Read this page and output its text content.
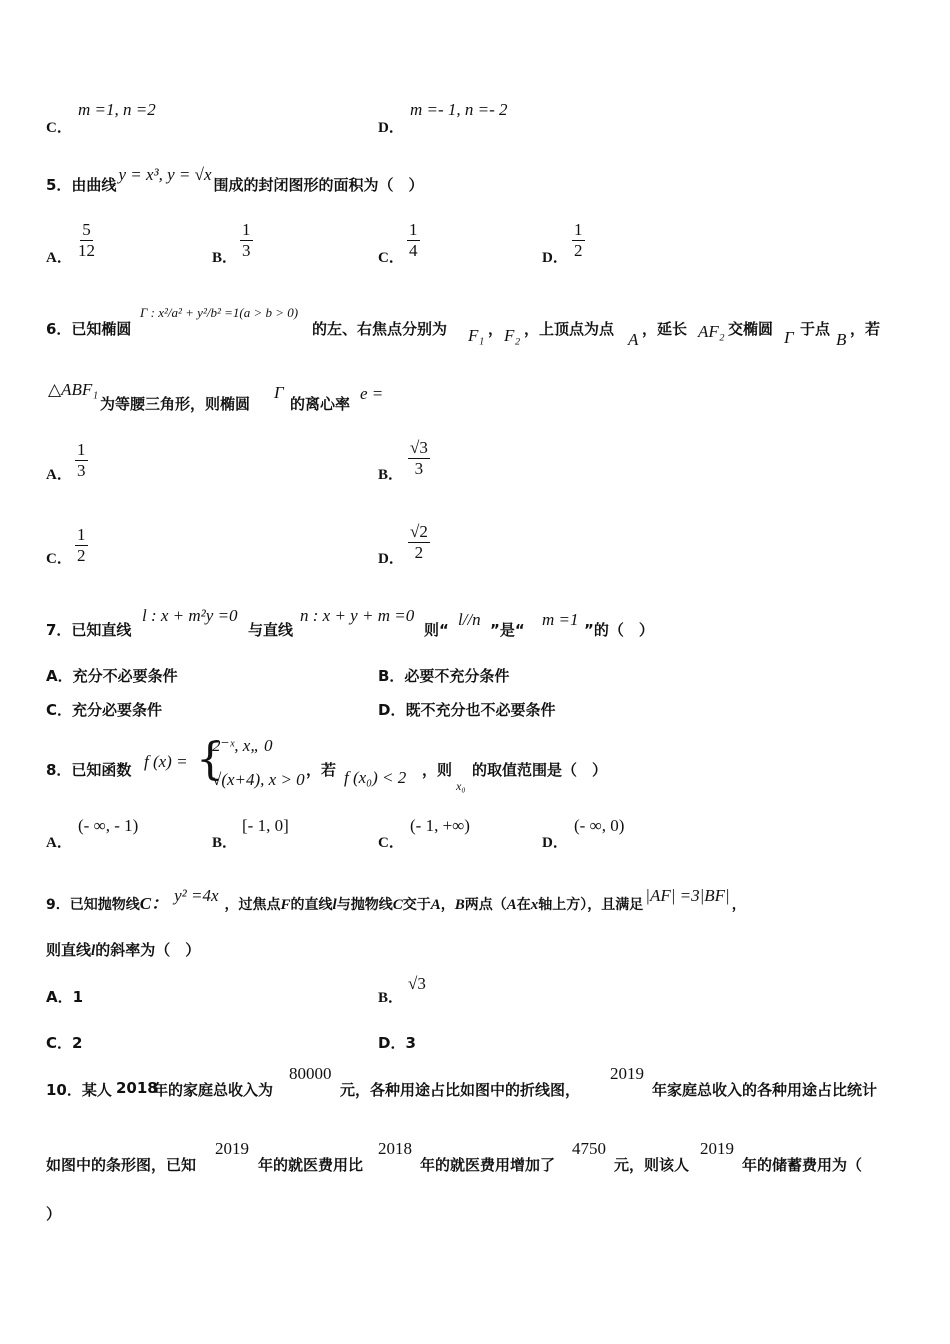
C．
m =1, n =2
D．
m =- 1, n =- 2
5．由曲线y = x³, y = √x围成的封闭图形的面积为（　）
A． $\frac{5}{12}$	B． $\frac{1}{3}$	C． $\frac{1}{4}$	D． $\frac{1}{2}$
6．已知椭圆
Γ : x²/a² + y²/b² =1(a > b > 0)
的左、右焦点分别为 F₁ ， F₂ ，上顶点为点
A
，延长 AF₂ 交椭圆 Γ 于点
B
，若
△ABF₁
为等腰三角形，则椭圆
Γ
的离心率
e =
A． $\frac{1}{3}$	B． $\frac{√3}{3}$
C． $\frac{1}{2}$	D． $\frac{√2}{2}$
7．已知直线
l : x + m²y =0
与直线
n : x + y + m =0
则“
l//n
”是“
m =1
”的（　）
A．充分不必要条件	B．必要不充分条件
C．充分必要条件	D．既不充分也不必要条件
8．已知函数 f (x) = {
2⁻ˣ, x„ 0
√(x+4), x > 0 ，若 f (x₀) < 2 ，则
x₀
的取值范围是（　）
A．
(- ∞, - 1)
B．
[- 1, 0]
C．
(- 1, +∞)
D．
(- ∞, 0)
9．已知抛物线C： y² =4x ，过焦点F的直线l与抛物线C交于A，B两点（A在x轴上方），且满足 |AF| =3|BF| ，
则直线l的斜率为（　）
A．1	B．
√3
C．2	D．3
10．某人 2018
年的家庭总收入为
80000
元，各种用途占比如图中的折线图，
2019
年家庭总收入的各种用途占比统计
如图中的条形图，已知
2019
年的就医费用比
2018
年的就医费用增加了
4750
元，则该人
2019
年的储蓄费用为（
）
